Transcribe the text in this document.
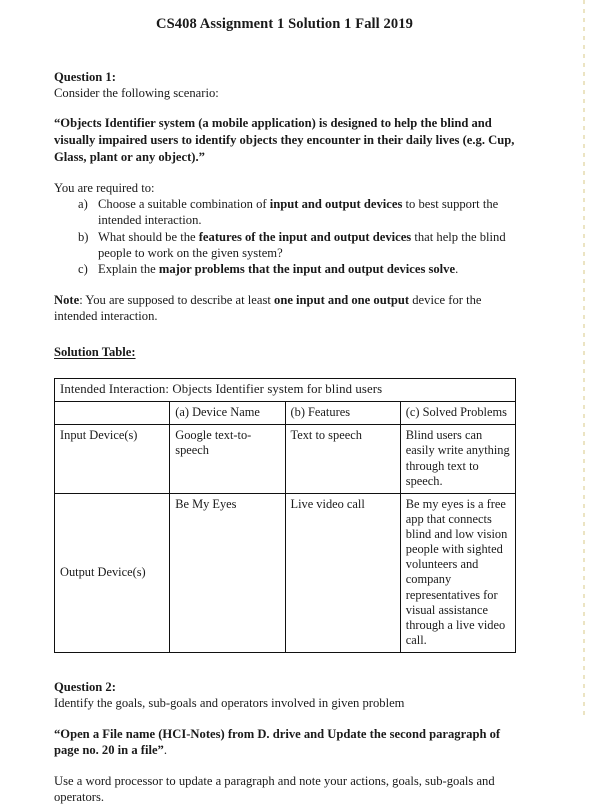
CS408 Assignment 1 Solution 1 Fall 2019
Question 1:
Consider the following scenario:
“Objects Identifier system (a mobile application) is designed to help the blind and visually impaired users to identify objects they encounter in their daily lives (e.g. Cup, Glass, plant or any object).”
You are required to:
a) Choose a suitable combination of input and output devices to best support the intended interaction.
b) What should be the features of the input and output devices that help the blind people to work on the given system?
c) Explain the major problems that the input and output devices solve.
Note: You are supposed to describe at least one input and one output device for the intended interaction.
Solution Table:
Intended Interaction: Objects Identifier system for blind users			
	(a) Device Name	(b) Features	(c) Solved Problems
Input Device(s)	Google text-to-speech	Text to speech	Blind users can easily write anything through text to speech.
Output Device(s)	Be My Eyes	Live video call	Be my eyes is a free app that connects blind and low vision people with sighted volunteers and company representatives for visual assistance through a live video call.
Question 2:
Identify the goals, sub-goals and operators involved in given problem
“Open a File name (HCI-Notes) from D. drive and Update the second paragraph of page no. 20 in a file”.
Use a word processor to update a paragraph and note your actions, goals, sub-goals and operators.
